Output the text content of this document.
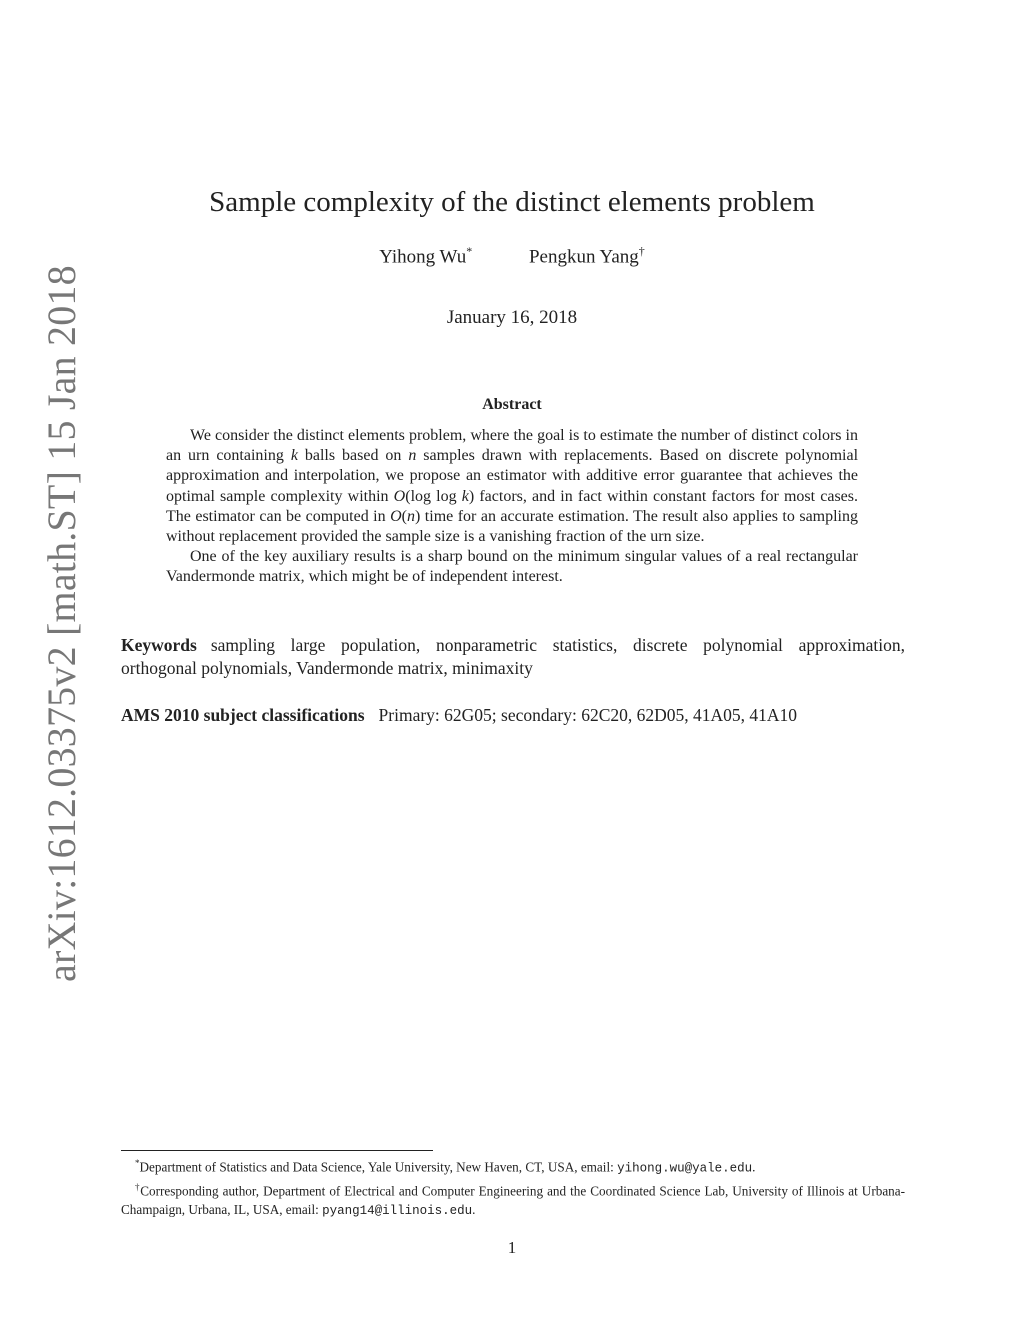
arXiv:1612.03375v2 [math.ST] 15 Jan 2018
Sample complexity of the distinct elements problem
Yihong Wu*	Pengkun Yang†
January 16, 2018
Abstract

We consider the distinct elements problem, where the goal is to estimate the number of distinct colors in an urn containing k balls based on n samples drawn with replacements. Based on discrete polynomial approximation and interpolation, we propose an estimator with additive error guarantee that achieves the optimal sample complexity within O(log log k) factors, and in fact within constant factors for most cases. The estimator can be computed in O(n) time for an accurate estimation. The result also applies to sampling without replacement provided the sample size is a vanishing fraction of the urn size.

One of the key auxiliary results is a sharp bound on the minimum singular values of a real rectangular Vandermonde matrix, which might be of independent interest.

Keywords sampling large population, nonparametric statistics, discrete polynomial approximation, orthogonal polynomials, Vandermonde matrix, minimaxity
AMS 2010 subject classifications Primary: 62G05; secondary: 62C20, 62D05, 41A05, 41A10

*Department of Statistics and Data Science, Yale University, New Haven, CT, USA, email: yihong.wu@yale.edu.

†Corresponding author, Department of Electrical and Computer Engineering and the Coordinated Science Lab, University of Illinois at Urbana-Champaign, Urbana, IL, USA, email: pyang14@illinois.edu.

1
